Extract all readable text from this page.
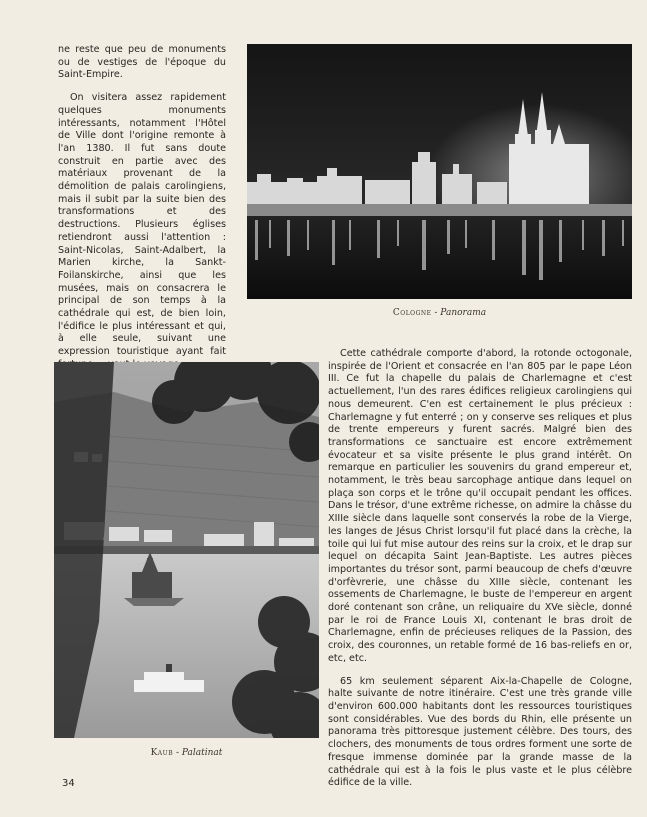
ne reste que peu de monuments ou de vestiges de l'époque du Saint-Empire.

On visitera assez rapidement quelques monuments intéressants, notamment l'Hôtel de Ville dont l'origine remonte à l'an 1380. Il fut sans doute construit en partie avec des matériaux provenant de la démolition de palais carolingiens, mais il subit par la suite bien des transformations et des destructions. Plusieurs églises retiendront aussi l'attention : Saint-Nicolas, Saint-Adalbert, la Marien kirche, la Sankt-Foilanskirche, ainsi que les musées, mais on consacrera le principal de son temps à la cathédrale qui est, de bien loin, l'édifice le plus intéressant et qui, à elle seule, suivant une expression touristique ayant fait

Cologne - Panorama
Kaub - Palatinat

Cette cathédrale comporte d'abord, la rotonde octogonale, inspirée de l'Orient et consacrée en l'an 805 par le pape Léon III. Ce fut la chapelle du palais de Charlemagne et c'est actuellement, l'un des rares édifices religieux carolingiens qui nous demeurent. C'en est certainement le plus précieux : Charlemagne y fut enterré ; on y conserve ses reliques et plus de trente empereurs y furent sacrés. Malgré bien des transformations ce sanctuaire est encore extrêmement évocateur et sa visite présente le plus grand intérêt. On remarque en particulier les souvenirs du grand empereur et, notamment, le très beau sarcophage antique dans lequel on plaça son corps et le trône qu'il occupait pendant les offices. Dans le trésor, d'une extrême richesse, on admire la châsse du XIIIe siècle dans laquelle sont conservés la robe de la Vierge, les langes de Jésus Christ lorsqu'il fut placé dans la crèche, la toile qui lui fut mise autour des reins sur la croix, et le drap sur lequel on décapita Saint Jean-Baptiste. Les autres pièces importantes du trésor sont, parmi beaucoup de chefs d'œuvre d'orfèvrerie, une châsse du XIIIe siècle, contenant les ossements de Charlemagne, le buste de l'empereur en argent doré contenant son crâne, un reliquaire du XVe siècle, donné par le roi de France Louis XI, contenant le bras droit de Charlemagne, enfin de précieuses reliques de la Passion, des croix, des couronnes, un retable formé de 16 bas-reliefs en or, etc, etc.

65 km seulement séparent Aix-la-Chapelle de Cologne, halte suivante de notre itinéraire. C'est une très grande ville d'environ 600.000 habitants dont les ressources touristiques sont considérables. Vue des bords du Rhin, elle présente un panorama très pittoresque justement célèbre. Des tours, des clochers, des monuments de tous ordres forment une sorte de fresque immense dominée par la grande masse de la cathédrale qui est à la fois le plus vaste et le plus célèbre édifice de la ville.

34
